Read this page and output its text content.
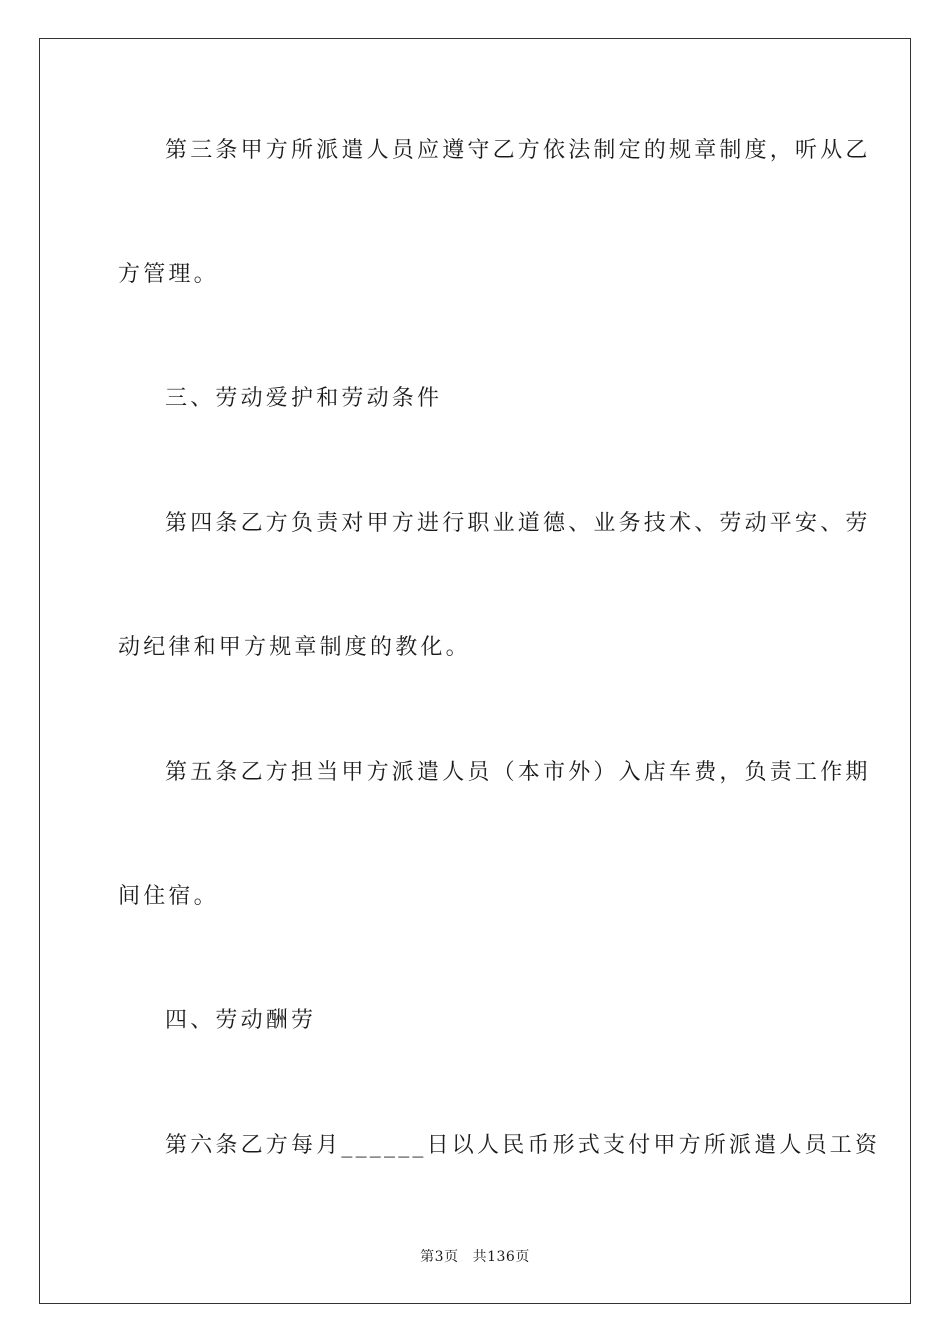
第三条甲方所派遣人员应遵守乙方依法制定的规章制度，听从乙
方管理。
三、劳动爱护和劳动条件
第四条乙方负责对甲方进行职业道德、业务技术、劳动平安、劳
动纪律和甲方规章制度的教化。
第五条乙方担当甲方派遣人员（本市外）入店车费，负责工作期
间住宿。
四、劳动酬劳
第六条乙方每月______日以人民币形式支付甲方所派遣人员工资
第3页 共136页
